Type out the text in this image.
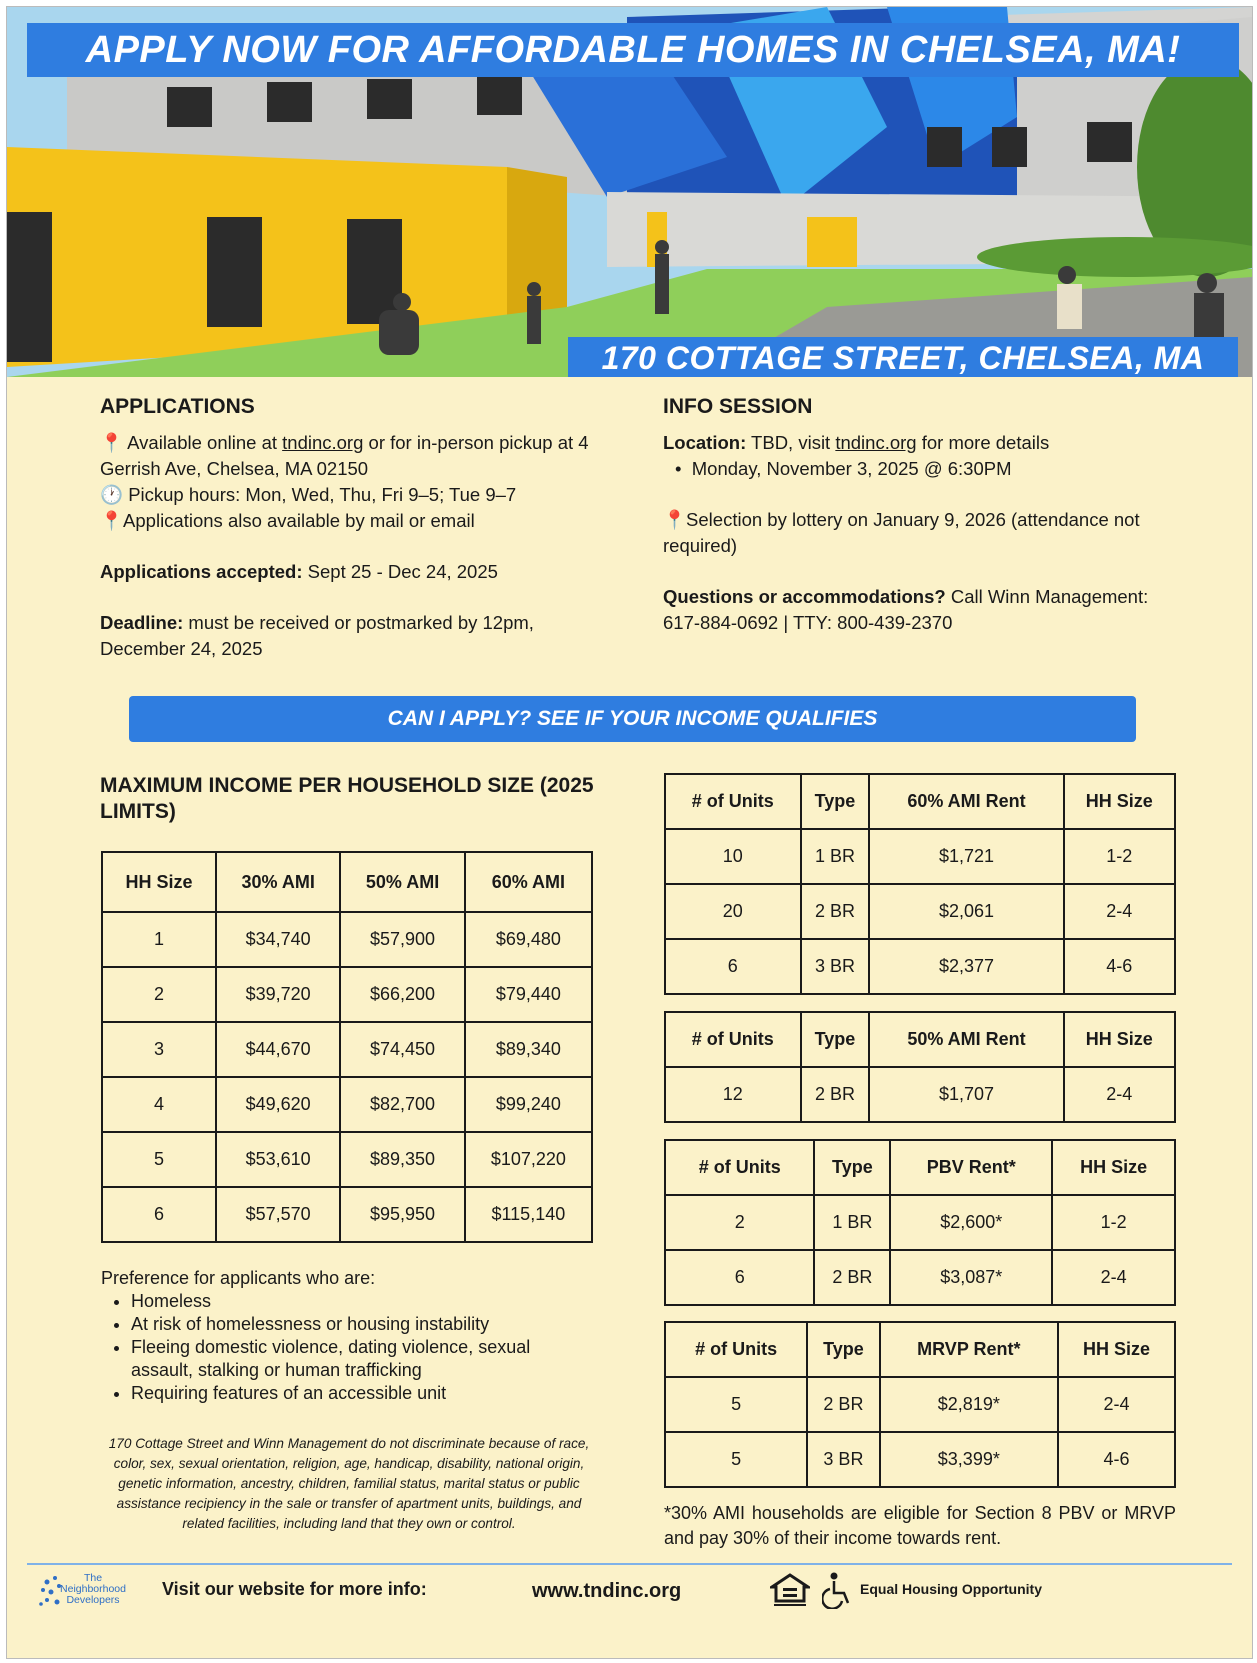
APPLY NOW FOR AFFORDABLE HOMES IN CHELSEA, MA!
170 COTTAGE STREET, CHELSEA, MA
APPLICATIONS

📍 Available online at tndinc.org or for in-person pickup at 4 Gerrish Ave, Chelsea, MA 02150

🕐 Pickup hours: Mon, Wed, Thu, Fri 9–5; Tue 9–7

📍Applications also available by mail or email

Applications accepted: Sept 25 - Dec 24, 2025

Deadline: must be received or postmarked by 12pm, December 24, 2025

INFO SESSION

Location: TBD, visit tndinc.org for more details

•  Monday, November 3, 2025 @ 6:30PM

📍Selection by lottery on January 9, 2026 (attendance not required)

Questions or accommodations? Call Winn Management: 617-884-0692 | TTY: 800-439-2370

CAN I APPLY? SEE IF YOUR INCOME QUALIFIES
MAXIMUM INCOME PER HOUSEHOLD SIZE (2025 LIMITS)
HH Size	30% AMI	50% AMI	60% AMI
1	$34,740	$57,900	$69,480
2	$39,720	$66,200	$79,440
3	$44,670	$74,450	$89,340
4	$49,620	$82,700	$99,240
5	$53,610	$89,350	$107,220
6	$57,570	$95,950	$115,140
# of Units	Type	60% AMI Rent	HH Size
10	1 BR	$1,721	1-2
20	2 BR	$2,061	2-4
6	3 BR	$2,377	4-6
# of Units	Type	50% AMI Rent	HH Size
12	2 BR	$1,707	2-4
# of Units	Type	PBV Rent*	HH Size
2	1 BR	$2,600*	1-2
6	2 BR	$3,087*	2-4
# of Units	Type	MRVP Rent*	HH Size
5	2 BR	$2,819*	2-4
5	3 BR	$3,399*	4-6

Preference for applicants who are:

• Homeless
• At risk of homelessness or housing instability
• Fleeing domestic violence, dating violence, sexual assault, stalking or human trafficking
• Requiring features of an accessible unit
170 Cottage Street and Winn Management do not discriminate because of race, color, sex, sexual orientation, religion, age, handicap, disability, national origin, genetic information, ancestry, children, familial status, marital status or public assistance recipiency in the sale or transfer of apartment units, buildings, and related facilities, including land that they own or control.
*30% AMI households are eligible for Section 8 PBV or MRVP and pay 30% of their income towards rent.
The Neighborhood Developers
Visit our website for more info:	www.tndinc.org	Equal Housing Opportunity
